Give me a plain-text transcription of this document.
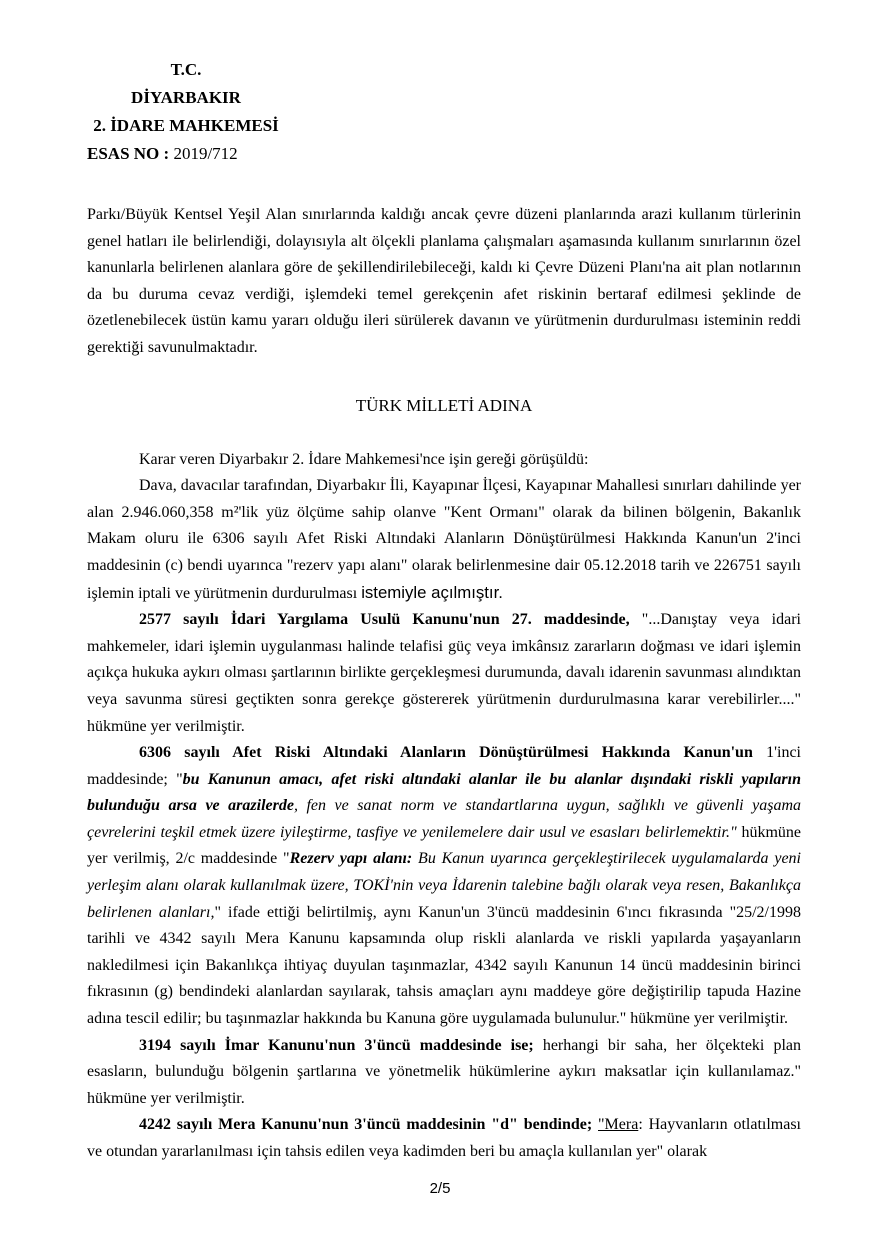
T.C.
DİYARBAKIR
2. İDARE MAHKEMESİ
ESAS NO : 2019/712

Parkı/Büyük Kentsel Yeşil Alan sınırlarında kaldığı ancak çevre düzeni planlarında arazi kullanım türlerinin genel hatları ile belirlendiği, dolayısıyla alt ölçekli planlama çalışmaları aşamasında kullanım sınırlarının özel kanunlarla belirlenen alanlara göre de şekillendirilebileceği, kaldı ki Çevre Düzeni Planı'na ait plan notlarının da bu duruma cevaz verdiği, işlemdeki temel gerekçenin afet riskinin bertaraf edilmesi şeklinde de özetlenebilecek üstün kamu yararı olduğu ileri sürülerek davanın ve yürütmenin durdurulması isteminin reddi gerektiği savunulmaktadır.

TÜRK MİLLETİ ADINA

Karar veren Diyarbakır 2. İdare Mahkemesi'nce işin gereği görüşüldü:

Dava, davacılar tarafından, Diyarbakır İli, Kayapınar İlçesi, Kayapınar Mahallesi sınırları dahilinde yer alan 2.946.060,358 m²'lik yüz ölçüme sahip olanve "Kent Ormanı" olarak da bilinen bölgenin, Bakanlık Makam oluru ile 6306 sayılı Afet Riski Altındaki Alanların Dönüştürülmesi Hakkında Kanun'un 2'inci maddesinin (c) bendi uyarınca "rezerv yapı alanı" olarak belirlenmesine dair 05.12.2018 tarih ve 226751 sayılı işlemin iptali ve yürütmenin durdurulması istemiyle açılmıştır.

2577 sayılı İdari Yargılama Usulü Kanunu'nun 27. maddesinde, "...Danıştay veya idari mahkemeler, idari işlemin uygulanması halinde telafisi güç veya imkânsız zararların doğması ve idari işlemin açıkça hukuka aykırı olması şartlarının birlikte gerçekleşmesi durumunda, davalı idarenin savunması alındıktan veya savunma süresi geçtikten sonra gerekçe göstererek yürütmenin durdurulmasına karar verebilirler...." hükmüne yer verilmiştir.

6306 sayılı Afet Riski Altındaki Alanların Dönüştürülmesi Hakkında Kanun'un 1'inci maddesinde; "bu Kanunun amacı, afet riski altındaki alanlar ile bu alanlar dışındaki riskli yapıların bulunduğu arsa ve arazilerde, fen ve sanat norm ve standartlarına uygun, sağlıklı ve güvenli yaşama çevrelerini teşkil etmek üzere iyileştirme, tasfiye ve yenilemelere dair usul ve esasları belirlemektir." hükmüne yer verilmiş, 2/c maddesinde "Rezerv yapı alanı: Bu Kanun uyarınca gerçekleştirilecek uygulamalarda yeni yerleşim alanı olarak kullanılmak üzere, TOKİ'nin veya İdarenin talebine bağlı olarak veya resen, Bakanlıkça belirlenen alanları," ifade ettiği belirtilmiş, aynı Kanun'un 3'üncü maddesinin 6'ıncı fıkrasında "25/2/1998 tarihli ve 4342 sayılı Mera Kanunu kapsamında olup riskli alanlarda ve riskli yapılarda yaşayanların nakledilmesi için Bakanlıkça ihtiyaç duyulan taşınmazlar, 4342 sayılı Kanunun 14 üncü maddesinin birinci fıkrasının (g) bendindeki alanlardan sayılarak, tahsis amaçları aynı maddeye göre değiştirilip tapuda Hazine adına tescil edilir; bu taşınmazlar hakkında bu Kanuna göre uygulamada bulunulur." hükmüne yer verilmiştir.

3194 sayılı İmar Kanunu'nun 3'üncü maddesinde ise; herhangi bir saha, her ölçekteki plan esasların, bulunduğu bölgenin şartlarına ve yönetmelik hükümlerine aykırı maksatlar için kullanılamaz." hükmüne yer verilmiştir.

4242 sayılı Mera Kanunu'nun 3'üncü maddesinin "d" bendinde; "Mera: Hayvanların otlatılması ve otundan yararlanılması için tahsis edilen veya kadimden beri bu amaçla kullanılan yer" olarak

2/5
